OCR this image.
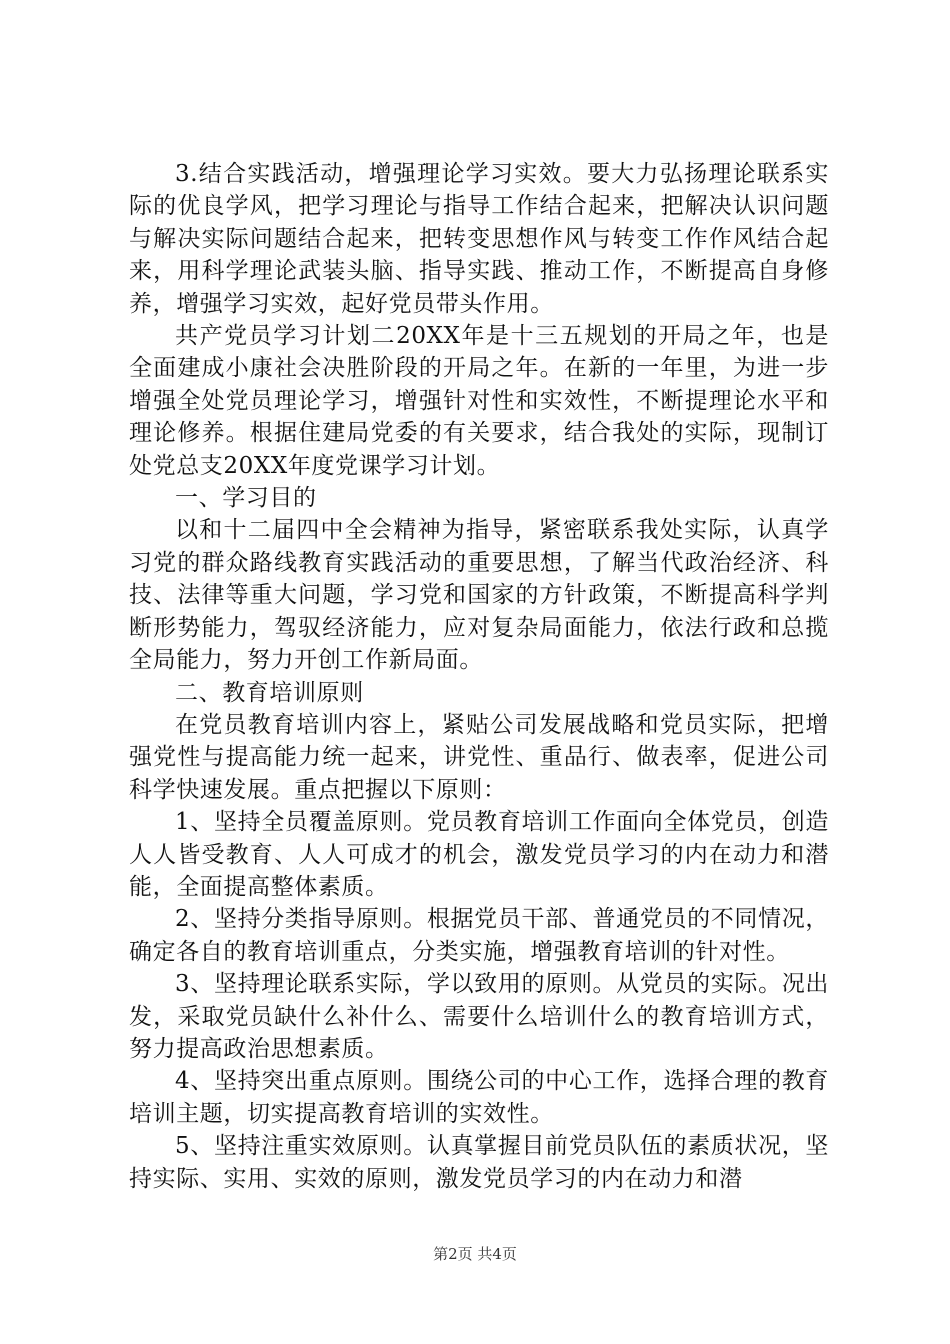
3.结合实践活动，增强理论学习实效。要大力弘扬理论联系实际的优良学风，把学习理论与指导工作结合起来，把解决认识问题与解决实际问题结合起来，把转变思想作风与转变工作作风结合起来，用科学理论武装头脑、指导实践、推动工作，不断提高自身修养，增强学习实效，起好党员带头作用。

共产党员学习计划二20XX年是十三五规划的开局之年，也是全面建成小康社会决胜阶段的开局之年。在新的一年里，为进一步增强全处党员理论学习，增强针对性和实效性，不断提理论水平和理论修养。根据住建局党委的有关要求，结合我处的实际，现制订处党总支20XX年度党课学习计划。

一、学习目的

以和十二届四中全会精神为指导，紧密联系我处实际，认真学习党的群众路线教育实践活动的重要思想，了解当代政治经济、科技、法律等重大问题，学习党和国家的方针政策，不断提高科学判断形势能力，驾驭经济能力，应对复杂局面能力，依法行政和总揽全局能力，努力开创工作新局面。

二、教育培训原则

在党员教育培训内容上，紧贴公司发展战略和党员实际，把增强党性与提高能力统一起来，讲党性、重品行、做表率，促进公司科学快速发展。重点把握以下原则：

1、坚持全员覆盖原则。党员教育培训工作面向全体党员，创造人人皆受教育、人人可成才的机会，激发党员学习的内在动力和潜能，全面提高整体素质。

2、坚持分类指导原则。根据党员干部、普通党员的不同情况，确定各自的教育培训重点，分类实施，增强教育培训的针对性。

3、坚持理论联系实际，学以致用的原则。从党员的实际。况出发，采取党员缺什么补什么、需要什么培训什么的教育培训方式，努力提高政治思想素质。

4、坚持突出重点原则。围绕公司的中心工作，选择合理的教育培训主题，切实提高教育培训的实效性。

5、坚持注重实效原则。认真掌握目前党员队伍的素质状况，坚持实际、实用、实效的原则，激发党员学习的内在动力和潜

第2页 共4页
